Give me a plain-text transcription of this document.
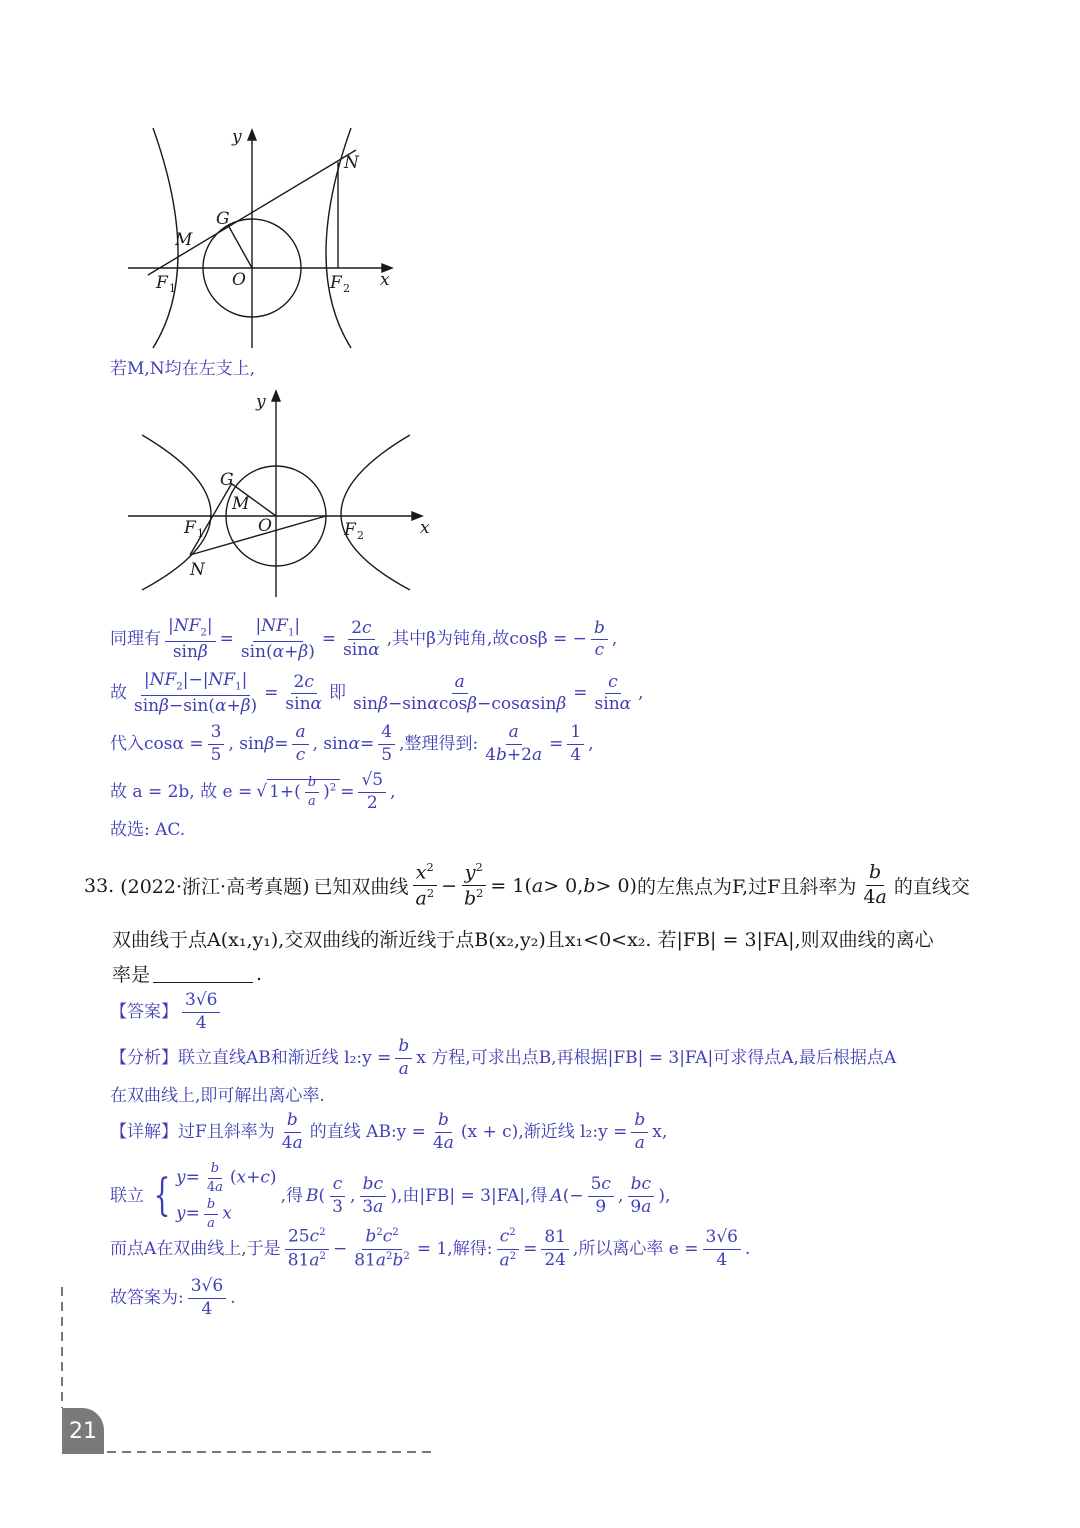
y
N
G
M
F 1	O	F 2 x
若M,N均在左支上,
y
G
M
F 1	O	F 2	x
N
同理有 $\frac{|NF_2|}{\sin\beta} = \frac{|NF_1|}{\sin(\alpha+\beta)} = \frac{2c}{\sin\alpha}$ ,其中β为钝角,故cosβ = − $\frac{b}{c}$ ,
故 $\frac{|NF_2|-|NF_1|}{\sin\beta-\sin(\alpha+\beta)} = \frac{2c}{\sin\alpha}$ 即 $\frac{a}{\sin\beta-\sin\alpha\cos\beta-\cos\alpha\sin\beta} = \frac{c}{\sin\alpha}$ ,
代入$\cos\alpha = \frac{3}{5}$ , $\sin \beta = \frac{a}{c}$ , $\sin \alpha = \frac{4}{5}$ , 整理得到: $\frac{a}{4b+2a} = \frac{1}{4}$ ,
故 a = 2b, 故 e = √ $1+( \frac{b}{a} )^2 = \frac{√5}{2}$ ,
故选: AC.
33. (2022·浙江·高考真题) 已知双曲线 $\frac{x^2}{a^2} - \frac{y^2}{b^2} = 1$( a > 0, b > 0) 的左焦点为F,过F且斜率为 $\frac{b}{4a}$ 的直线交
双曲线于点A(x₁,y₁),交双曲线的渐近线于点B(x₂,y₂)且x₁<0<x₂. 若|FB| = 3|FA|,则双曲线的离心
率是	.
【答案】 $\frac{3√6}{4}$
【分析】 联立直线AB和渐近线 l₂:y = $\frac{b}{a}$ x 方程,可求出点B,再根据|FB| = 3|FA|可求得点A,最后根据点A
在双曲线上,即可解出离心率.
【详解】 过F且斜率为 $\frac{b}{4a}$ 的直线 AB:y = $\frac{b}{4a} (x + c)$,渐近线 l₂:y = $\frac{b}{a} x$,
联立 { $y= \frac{b}{4a} (x+c)$
$y= \frac{b}{a}$ x
,得 B ( $\frac{c}{3}$ , $\frac{bc}{3a}$ ) ,由|FB| = 3|FA|,得 A (− $\frac{5c}{9}$ , $\frac{bc}{9a}$ ),
而点A在双曲线上,于是 $\frac{25c^2}{81a^2} - \frac{b^2c^2}{81a^2b^2} = 1$,解得: $\frac{c^2}{a^2} = \frac{81}{24}$ ,所以离心率 $e = \frac{3√6}{4}$ .
故答案为: $\frac{3√6}{4}$ .
21
